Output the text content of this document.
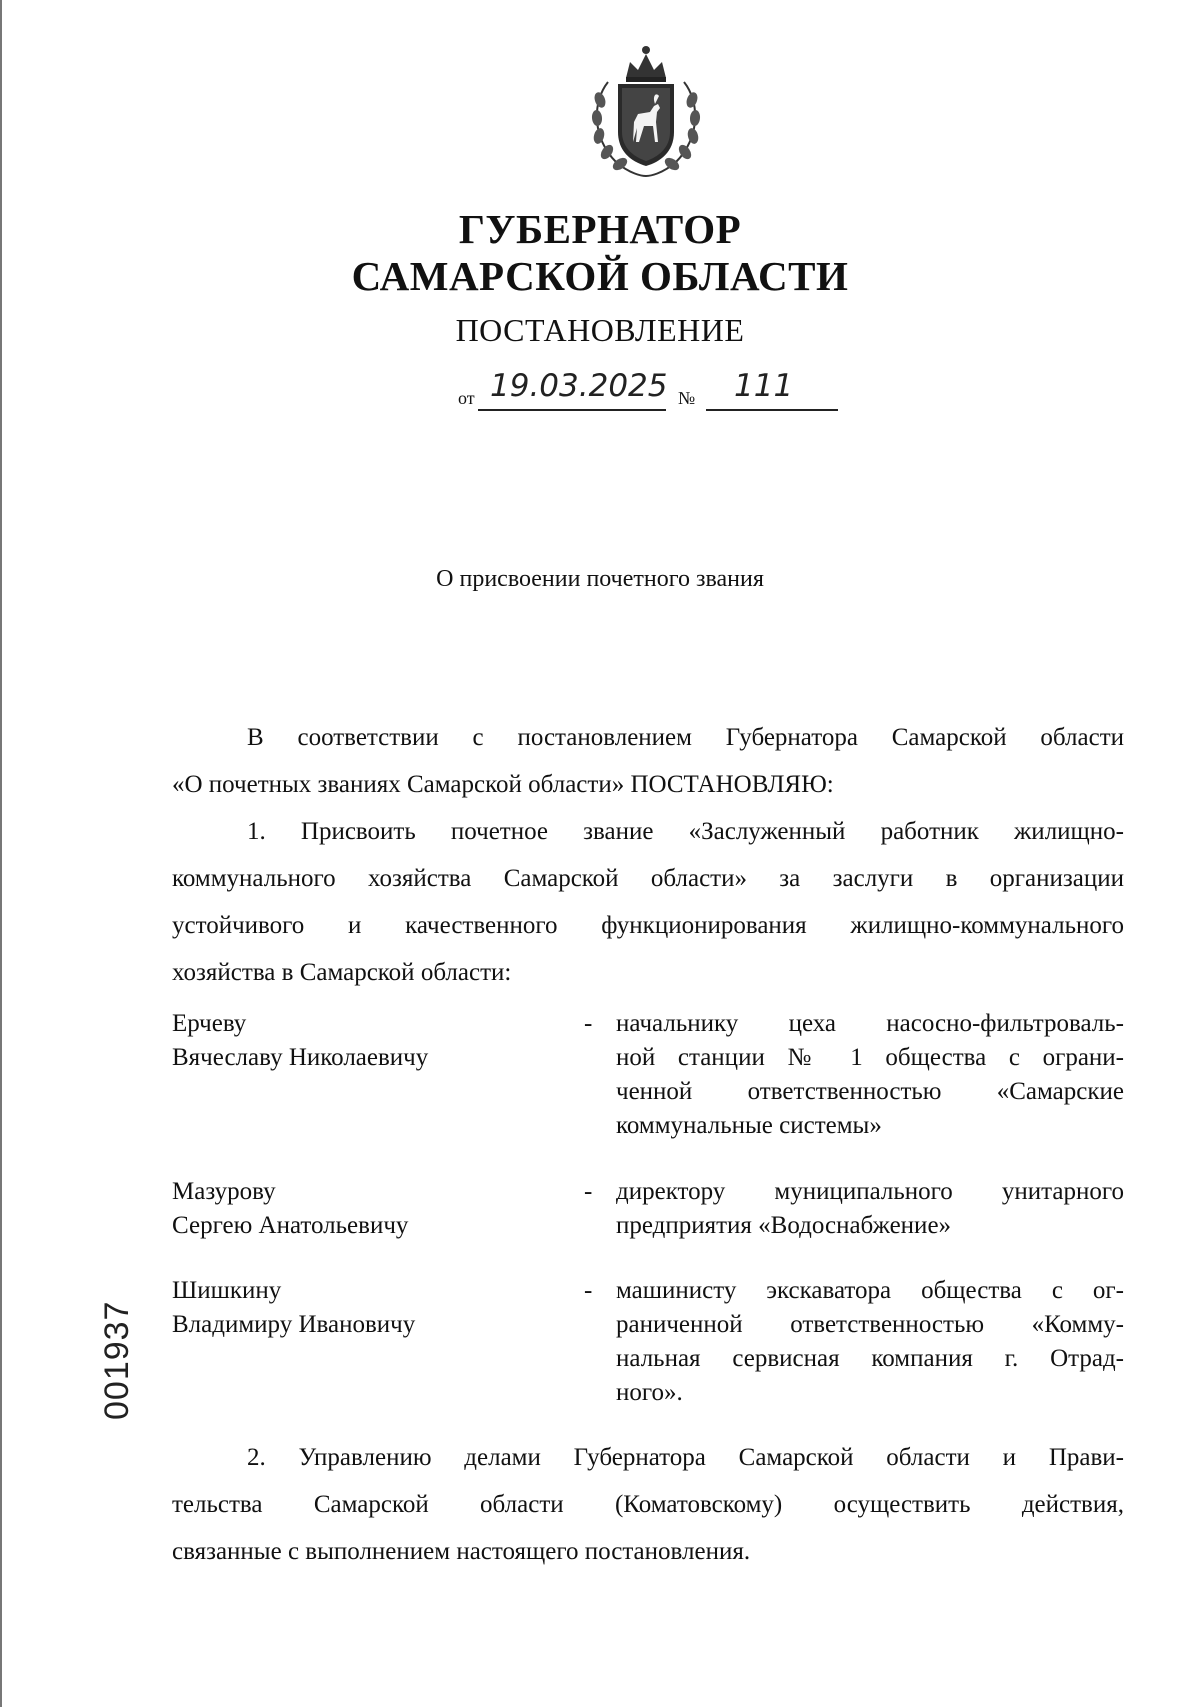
ГУБЕРНАТОР
САМАРСКОЙ ОБЛАСТИ
ПОСТАНОВЛЕНИЕ
от 19.03.2025 № 111
О присвоении почетного звания
В соответствии с постановлением Губернатора Самарской области
«О почетных званиях Самарской области» ПОСТАНОВЛЯЮ:
1. Присвоить почетное звание «Заслуженный работник жилищно-
коммунального хозяйства Самарской области» за заслуги в организации
устойчивого и качественного функционирования жилищно-коммунального
хозяйства в Самарской области:
Ерчеву
Вячеславу Николаевичу
- начальнику цеха насосно-фильтроваль-
ной станции № 1 общества с ограни-
ченной ответственностью «Самарские
коммунальные системы»
Мазурову
Сергею Анатольевичу
- директору муниципального унитарного
предприятия «Водоснабжение»
Шишкину
Владимиру Ивановичу
- машинисту экскаватора общества с ог-
раниченной ответственностью «Комму-
нальная сервисная компания г. Отрад-
ного».
2. Управлению делами Губернатора Самарской области и Прави-
тельства Самарской области (Коматовскому) осуществить действия,
связанные с выполнением настоящего постановления.
001937
